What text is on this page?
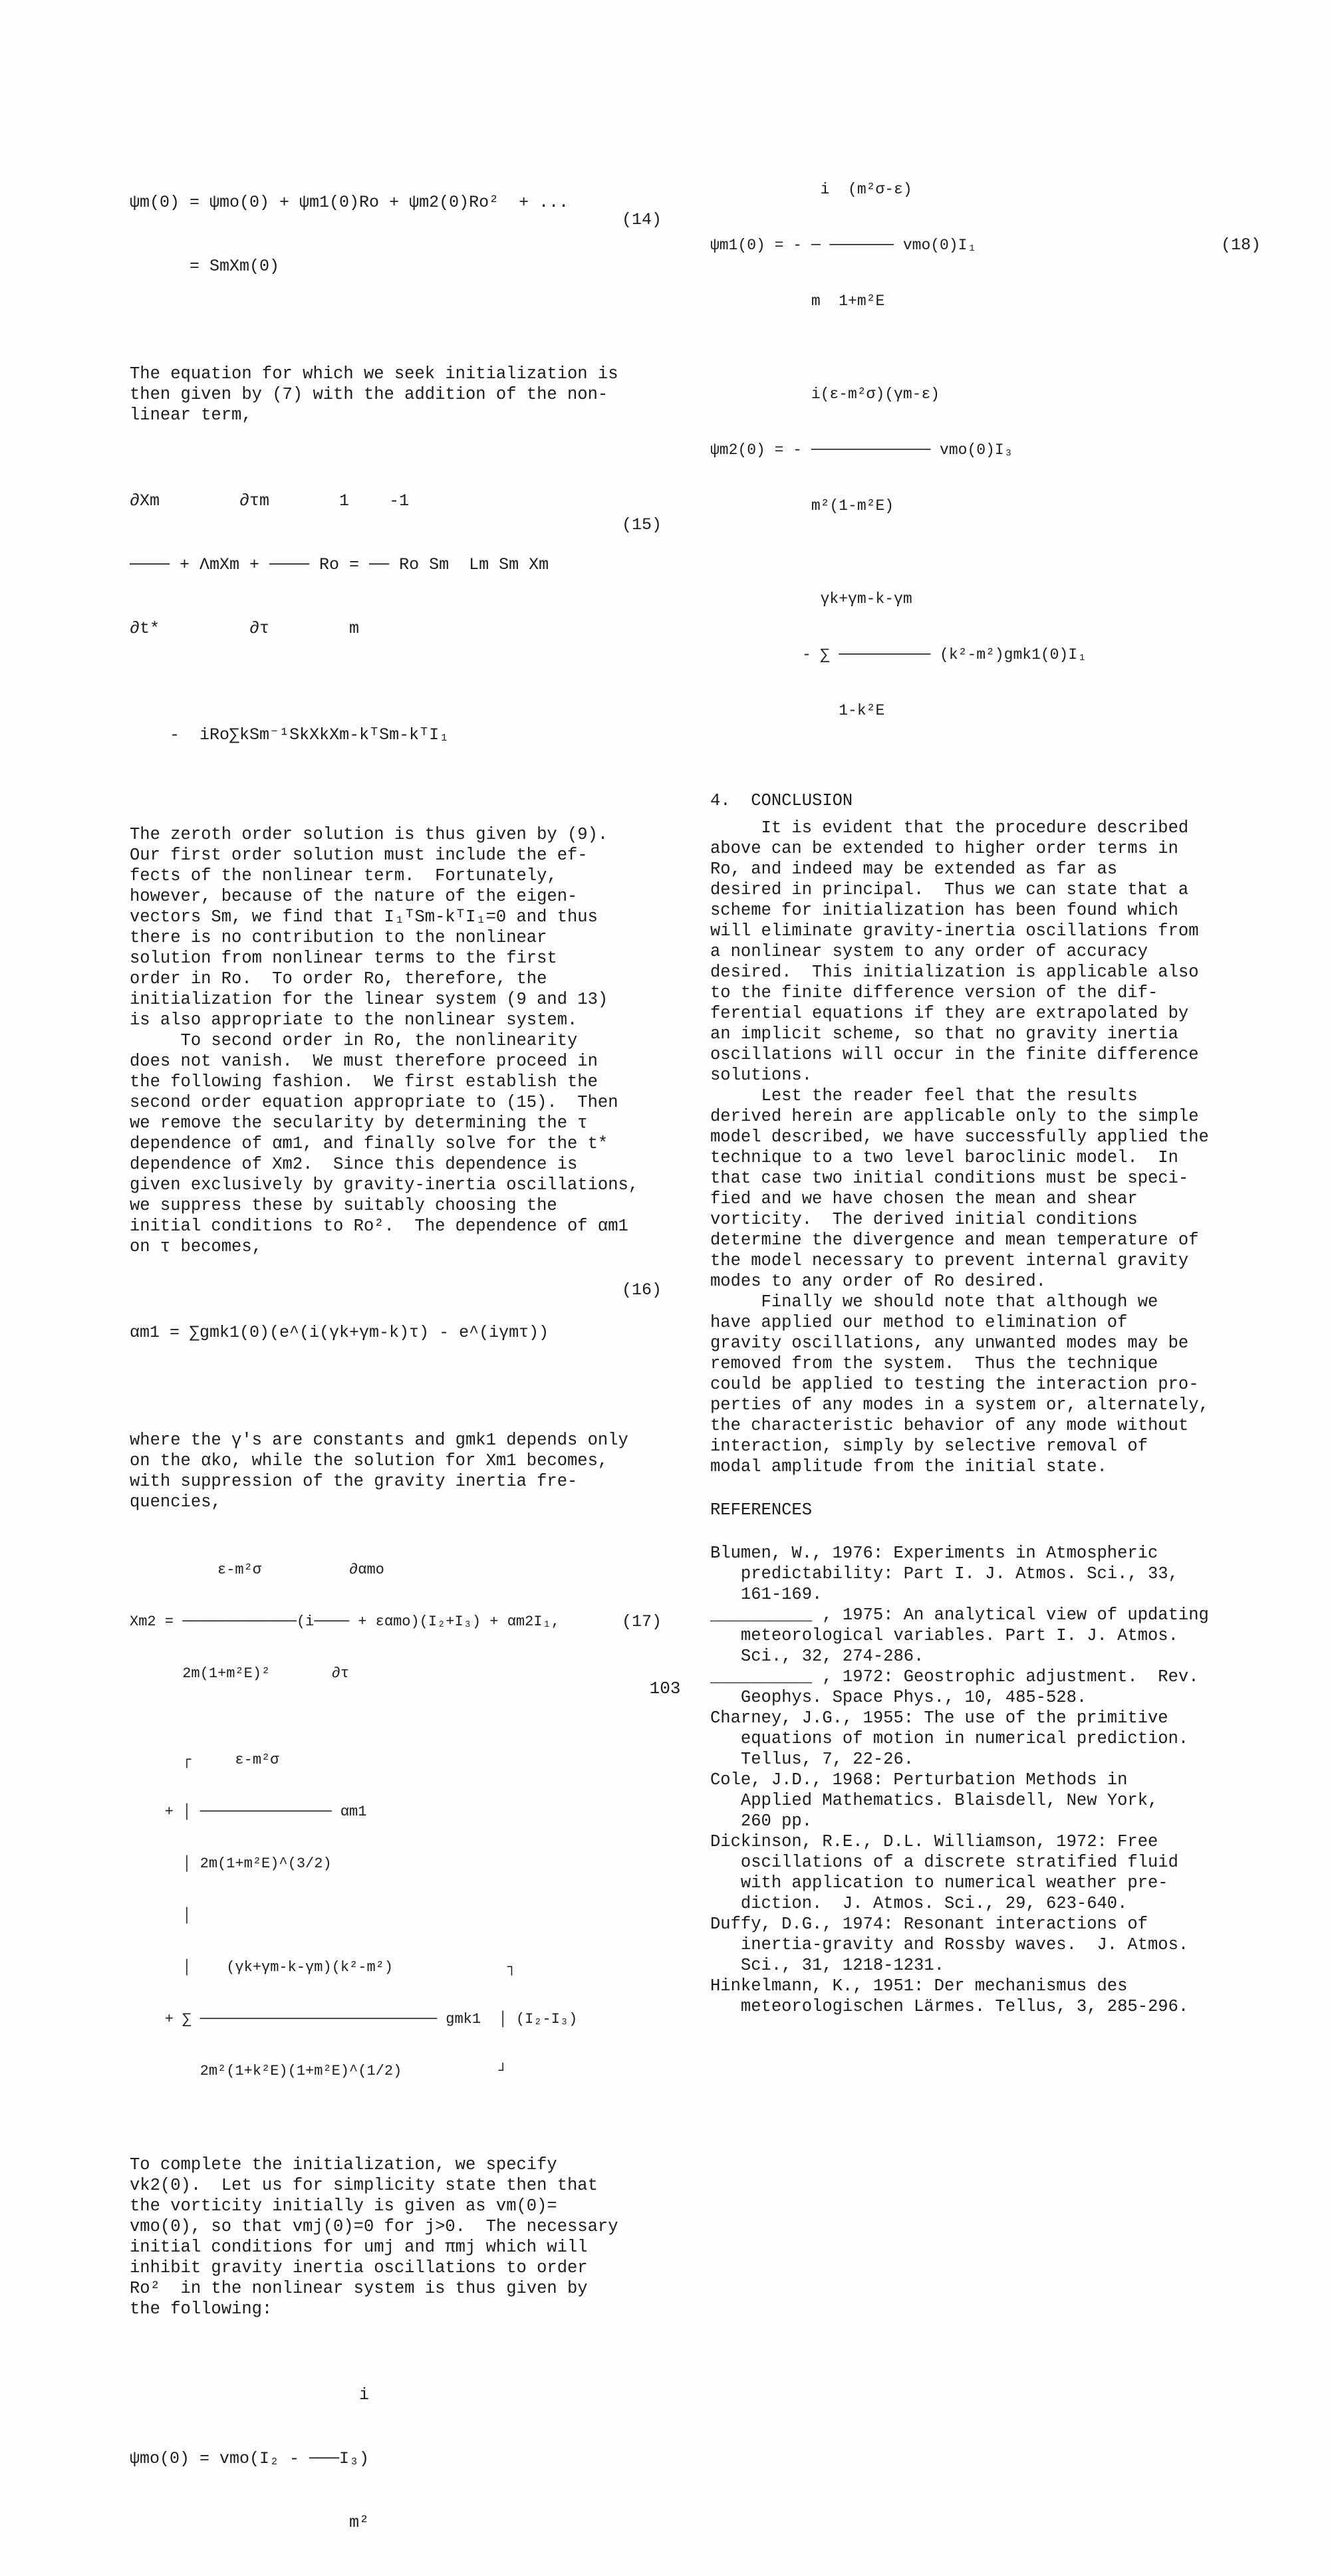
ψm(0) = ψmo(0) + ψm1(0)Ro + ψm2(0)Ro²  + ...

= SmXm(0)

(14)

The equation for which we seek initialization is
then given by (7) with the addition of the non-
linear term,

∂Xm        ∂τm       1    -1

──── + ΛmXm + ──── Ro = ── Ro Sm  Lm Sm Xm

∂t*         ∂τ        m

-  iRo∑kSm⁻¹SkXkXm-kᵀSm-kᵀI₁

(15)

The zeroth order solution is thus given by (9).
Our first order solution must include the ef-
fects of the nonlinear term.  Fortunately,
however, because of the nature of the eigen-
vectors Sm, we find that I₁ᵀSm-kᵀI₁=0 and thus
there is no contribution to the nonlinear
solution from nonlinear terms to the first
order in Ro.  To order Ro, therefore, the
initialization for the linear system (9 and 13)
is also appropriate to the nonlinear system.

To second order in Ro, the nonlinearity
does not vanish.  We must therefore proceed in
the following fashion.  We first establish the
second order equation appropriate to (15).  Then
we remove the secularity by determining the τ
dependence of αm1, and finally solve for the t*
dependence of Xm2.  Since this dependence is
given exclusively by gravity-inertia oscillations,
we suppress these by suitably choosing the
initial conditions to Ro².  The dependence of αm1
on τ becomes,

αm1 = ∑gmk1(0)(e^(i(γk+γm-k)τ) - e^(iγmτ))

(16)

where the γ's are constants and gmk1 depends only
on the αko, while the solution for Xm1 becomes,
with suppression of the gravity inertia fre-
quencies,

ε-m²σ          ∂αmo

Xm2 = ─────────────(i──── + εαmo)(I₂+I₃) + αm2I₁,

2m(1+m²E)²       ∂τ

┌     ε-m²σ

+ │ ─────────────── αm1

│ 2m(1+m²E)^(3/2)

│

│    (γk+γm-k-γm)(k²-m²)             ┐

+ ∑ ─────────────────────────── gmk1  │ (I₂-I₃)

2m²(1+k²E)(1+m²E)^(1/2)           ┘

(17)

To complete the initialization, we specify
vk2(0).  Let us for simplicity state then that
the vorticity initially is given as vm(0)=
vmo(0), so that vmj(0)=0 for j>0.  The necessary
initial conditions for umj and πmj which will
inhibit gravity inertia oscillations to order
Ro²  in the nonlinear system is thus given by
the following:

i

ψmo(0) = vmo(I₂ - ───I₃)

m²

i  (m²σ-ε)

ψm1(0) = - ─ ─────── vmo(0)I₁

m  1+m²E

i(ε-m²σ)(γm-ε)

ψm2(0) = - ───────────── vmo(0)I₃

m²(1-m²E)

γk+γm-k-γm

- ∑ ────────── (k²-m²)gmk1(0)I₁

1-k²E

(18)

4.  CONCLUSION

It is evident that the procedure described
above can be extended to higher order terms in
Ro, and indeed may be extended as far as
desired in principal.  Thus we can state that a
scheme for initialization has been found which
will eliminate gravity-inertia oscillations from
a nonlinear system to any order of accuracy
desired.  This initialization is applicable also
to the finite difference version of the dif-
ferential equations if they are extrapolated by
an implicit scheme, so that no gravity inertia
oscillations will occur in the finite difference
solutions.

Lest the reader feel that the results
derived herein are applicable only to the simple
model described, we have successfully applied the
technique to a two level baroclinic model.  In
that case two initial conditions must be speci-
fied and we have chosen the mean and shear
vorticity.  The derived initial conditions
determine the divergence and mean temperature of
the model necessary to prevent internal gravity
modes to any order of Ro desired.

Finally we should note that although we
have applied our method to elimination of
gravity oscillations, any unwanted modes may be
removed from the system.  Thus the technique
could be applied to testing the interaction pro-
perties of any modes in a system or, alternately,
the characteristic behavior of any mode without
interaction, simply by selective removal of
modal amplitude from the initial state.

REFERENCES

Blumen, W., 1976: Experiments in Atmospheric
predictability: Part I. J. Atmos. Sci., 33,
161-169.

__________ , 1975: An analytical view of updating
meteorological variables. Part I. J. Atmos.
Sci., 32, 274-286.

__________ , 1972: Geostrophic adjustment.  Rev.
Geophys. Space Phys., 10, 485-528.

Charney, J.G., 1955: The use of the primitive
equations of motion in numerical prediction.
Tellus, 7, 22-26.

Cole, J.D., 1968: Perturbation Methods in
Applied Mathematics. Blaisdell, New York,
260 pp.

Dickinson, R.E., D.L. Williamson, 1972: Free
oscillations of a discrete stratified fluid
with application to numerical weather pre-
diction.  J. Atmos. Sci., 29, 623-640.

Duffy, D.G., 1974: Resonant interactions of
inertia-gravity and Rossby waves.  J. Atmos.
Sci., 31, 1218-1231.

Hinkelmann, K., 1951: Der mechanismus des
meteorologischen Lärmes. Tellus, 3, 285-296.

103
